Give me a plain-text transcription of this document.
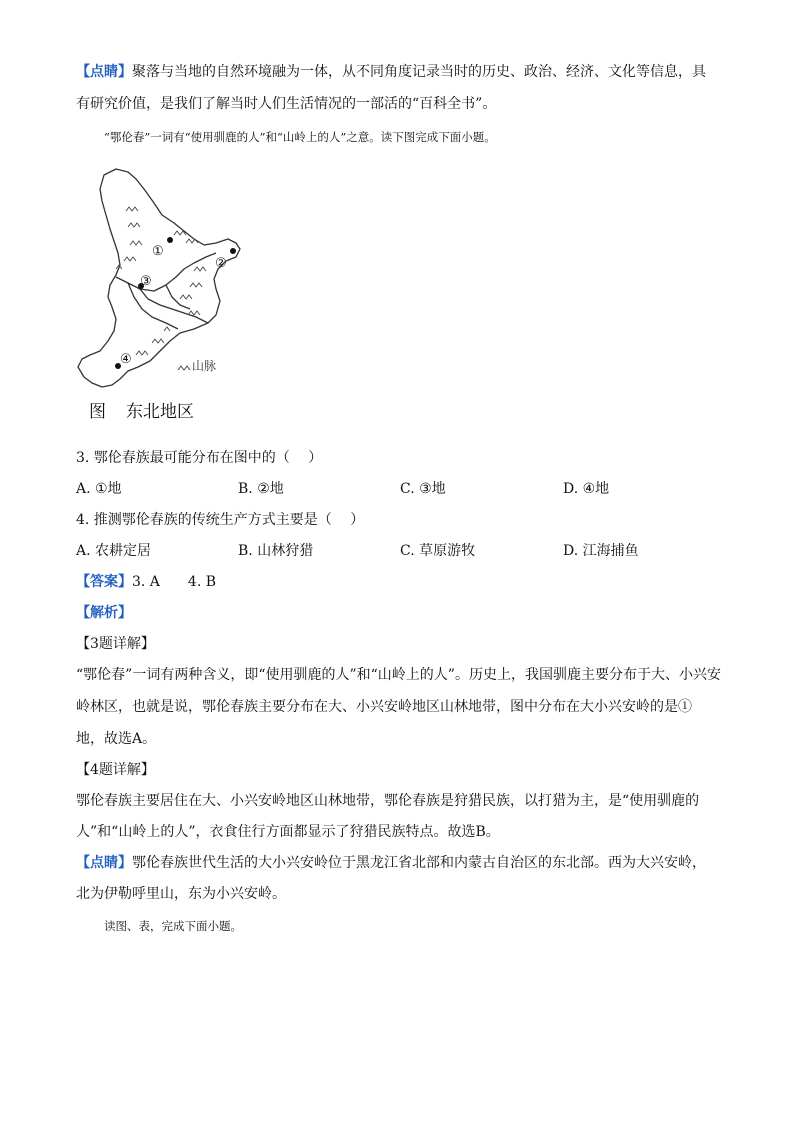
【点睛】聚落与当地的自然环境融为一体，从不同角度记录当时的历史、政治、经济、文化等信息，具
有研究价值，是我们了解当时人们生活情况的一部活的“百科全书”。
“鄂伦春”一词有“使用驯鹿的人”和“山岭上的人”之意。读下图完成下面小题。
①
②
③
④	山脉
图 东北地区
3. 鄂伦春族最可能分布在图中的（　 ）
A. ①地	B. ②地	C. ③地	D. ④地
4. 推测鄂伦春族的传统生产方式主要是（　 ）
A. 农耕定居	B. 山林狩猎	C. 草原游牧	D. 江海捕鱼
【答案】3. A　　4. B
【解析】
【3题详解】
“鄂伦春”一词有两种含义，即“使用驯鹿的人”和“山岭上的人”。历史上，我国驯鹿主要分布于大、小兴安
岭林区，也就是说，鄂伦春族主要分布在大、小兴安岭地区山林地带，图中分布在大小兴安岭的是①
地，故选A。
【4题详解】
鄂伦春族主要居住在大、小兴安岭地区山林地带，鄂伦春族是狩猎民族，以打猎为主，是“使用驯鹿的
人”和“山岭上的人”，衣食住行方面都显示了狩猎民族特点。故选B。
【点睛】鄂伦春族世代生活的大小兴安岭位于黑龙江省北部和内蒙古自治区的东北部。西为大兴安岭，
北为伊勒呼里山，东为小兴安岭。
读图、表，完成下面小题。
